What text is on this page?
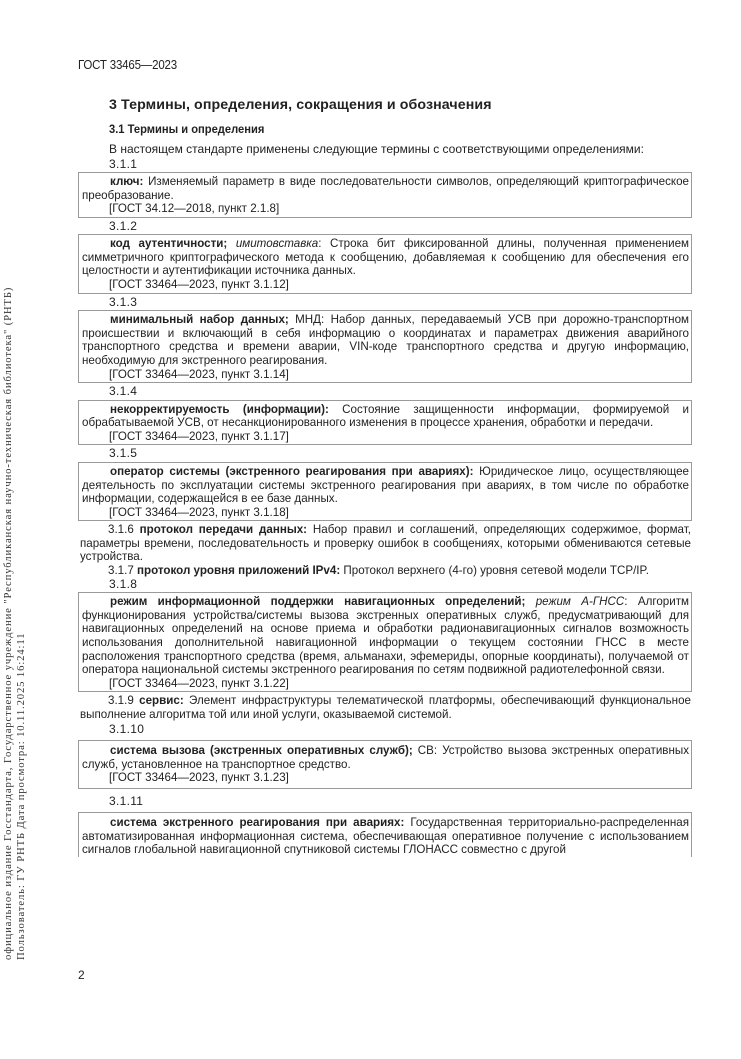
официальное издание Госстандарта, Государственное учреждение "Республиканская научно-техническая библиотека" (РНТБ) Пользователь: ГУ РНТБ Дата просмотра: 10.11.2025 16:24:11
ГОСТ 33465—2023
3 Термины, определения, сокращения и обозначения
3.1 Термины и определения

В настоящем стандарте применены следующие термины с соответствующими определениями:

3.1.1

ключ: Изменяемый параметр в виде последовательности символов, определяющий криптографическое преобразование.

[ГОСТ 34.12—2018, пункт 2.1.8]

3.1.2

код аутентичности; имитовставка: Строка бит фиксированной длины, полученная применением симметричного криптографического метода к сообщению, добавляемая к сообщению для обеспечения его целостности и аутентификации источника данных.

[ГОСТ 33464—2023, пункт 3.1.12]

3.1.3

минимальный набор данных; МНД: Набор данных, передаваемый УСВ при дорожно-транспортном происшествии и включающий в себя информацию о координатах и параметрах движения аварийного транспортного средства и времени аварии, VIN-коде транспортного средства и другую информацию, необходимую для экстренного реагирования.

[ГОСТ 33464—2023, пункт 3.1.14]

3.1.4

некорректируемость (информации): Состояние защищенности информации, формируемой и обрабатываемой УСВ, от несанкционированного изменения в процессе хранения, обработки и передачи.

[ГОСТ 33464—2023, пункт 3.1.17]

3.1.5

оператор системы (экстренного реагирования при авариях): Юридическое лицо, осуществляющее деятельность по эксплуатации системы экстренного реагирования при авариях, в том числе по обработке информации, содержащейся в ее базе данных.

[ГОСТ 33464—2023, пункт 3.1.18]

3.1.6 протокол передачи данных: Набор правил и соглашений, определяющих содержимое, формат, параметры времени, последовательность и проверку ошибок в сообщениях, которыми обмениваются сетевые устройства.

3.1.7 протокол уровня приложений IPv4: Протокол верхнего (4-го) уровня сетевой модели TCP/IP.

3.1.8

режим информационной поддержки навигационных определений; режим А-ГНСС: Алгоритм функционирования устройства/системы вызова экстренных оперативных служб, предусматривающий для навигационных определений на основе приема и обработки радионавигационных сигналов возможность использования дополнительной навигационной информации о текущем состоянии ГНСС в месте расположения транспортного средства (время, альманахи, эфемериды, опорные координаты), получаемой от оператора национальной системы экстренного реагирования по сетям подвижной радиотелефонной связи.

[ГОСТ 33464—2023, пункт 3.1.22]

3.1.9 сервис: Элемент инфраструктуры телематической платформы, обеспечивающий функциональное выполнение алгоритма той или иной услуги, оказываемой системой.

3.1.10

система вызова (экстренных оперативных служб); СВ: Устройство вызова экстренных оперативных служб, установленное на транспортное средство.

[ГОСТ 33464—2023, пункт 3.1.23]

3.1.11

система экстренного реагирования при авариях: Государственная территориально-распределенная автоматизированная информационная система, обеспечивающая оперативное получение с использованием сигналов глобальной навигационной спутниковой системы ГЛОНАСС совместно с другой

2
